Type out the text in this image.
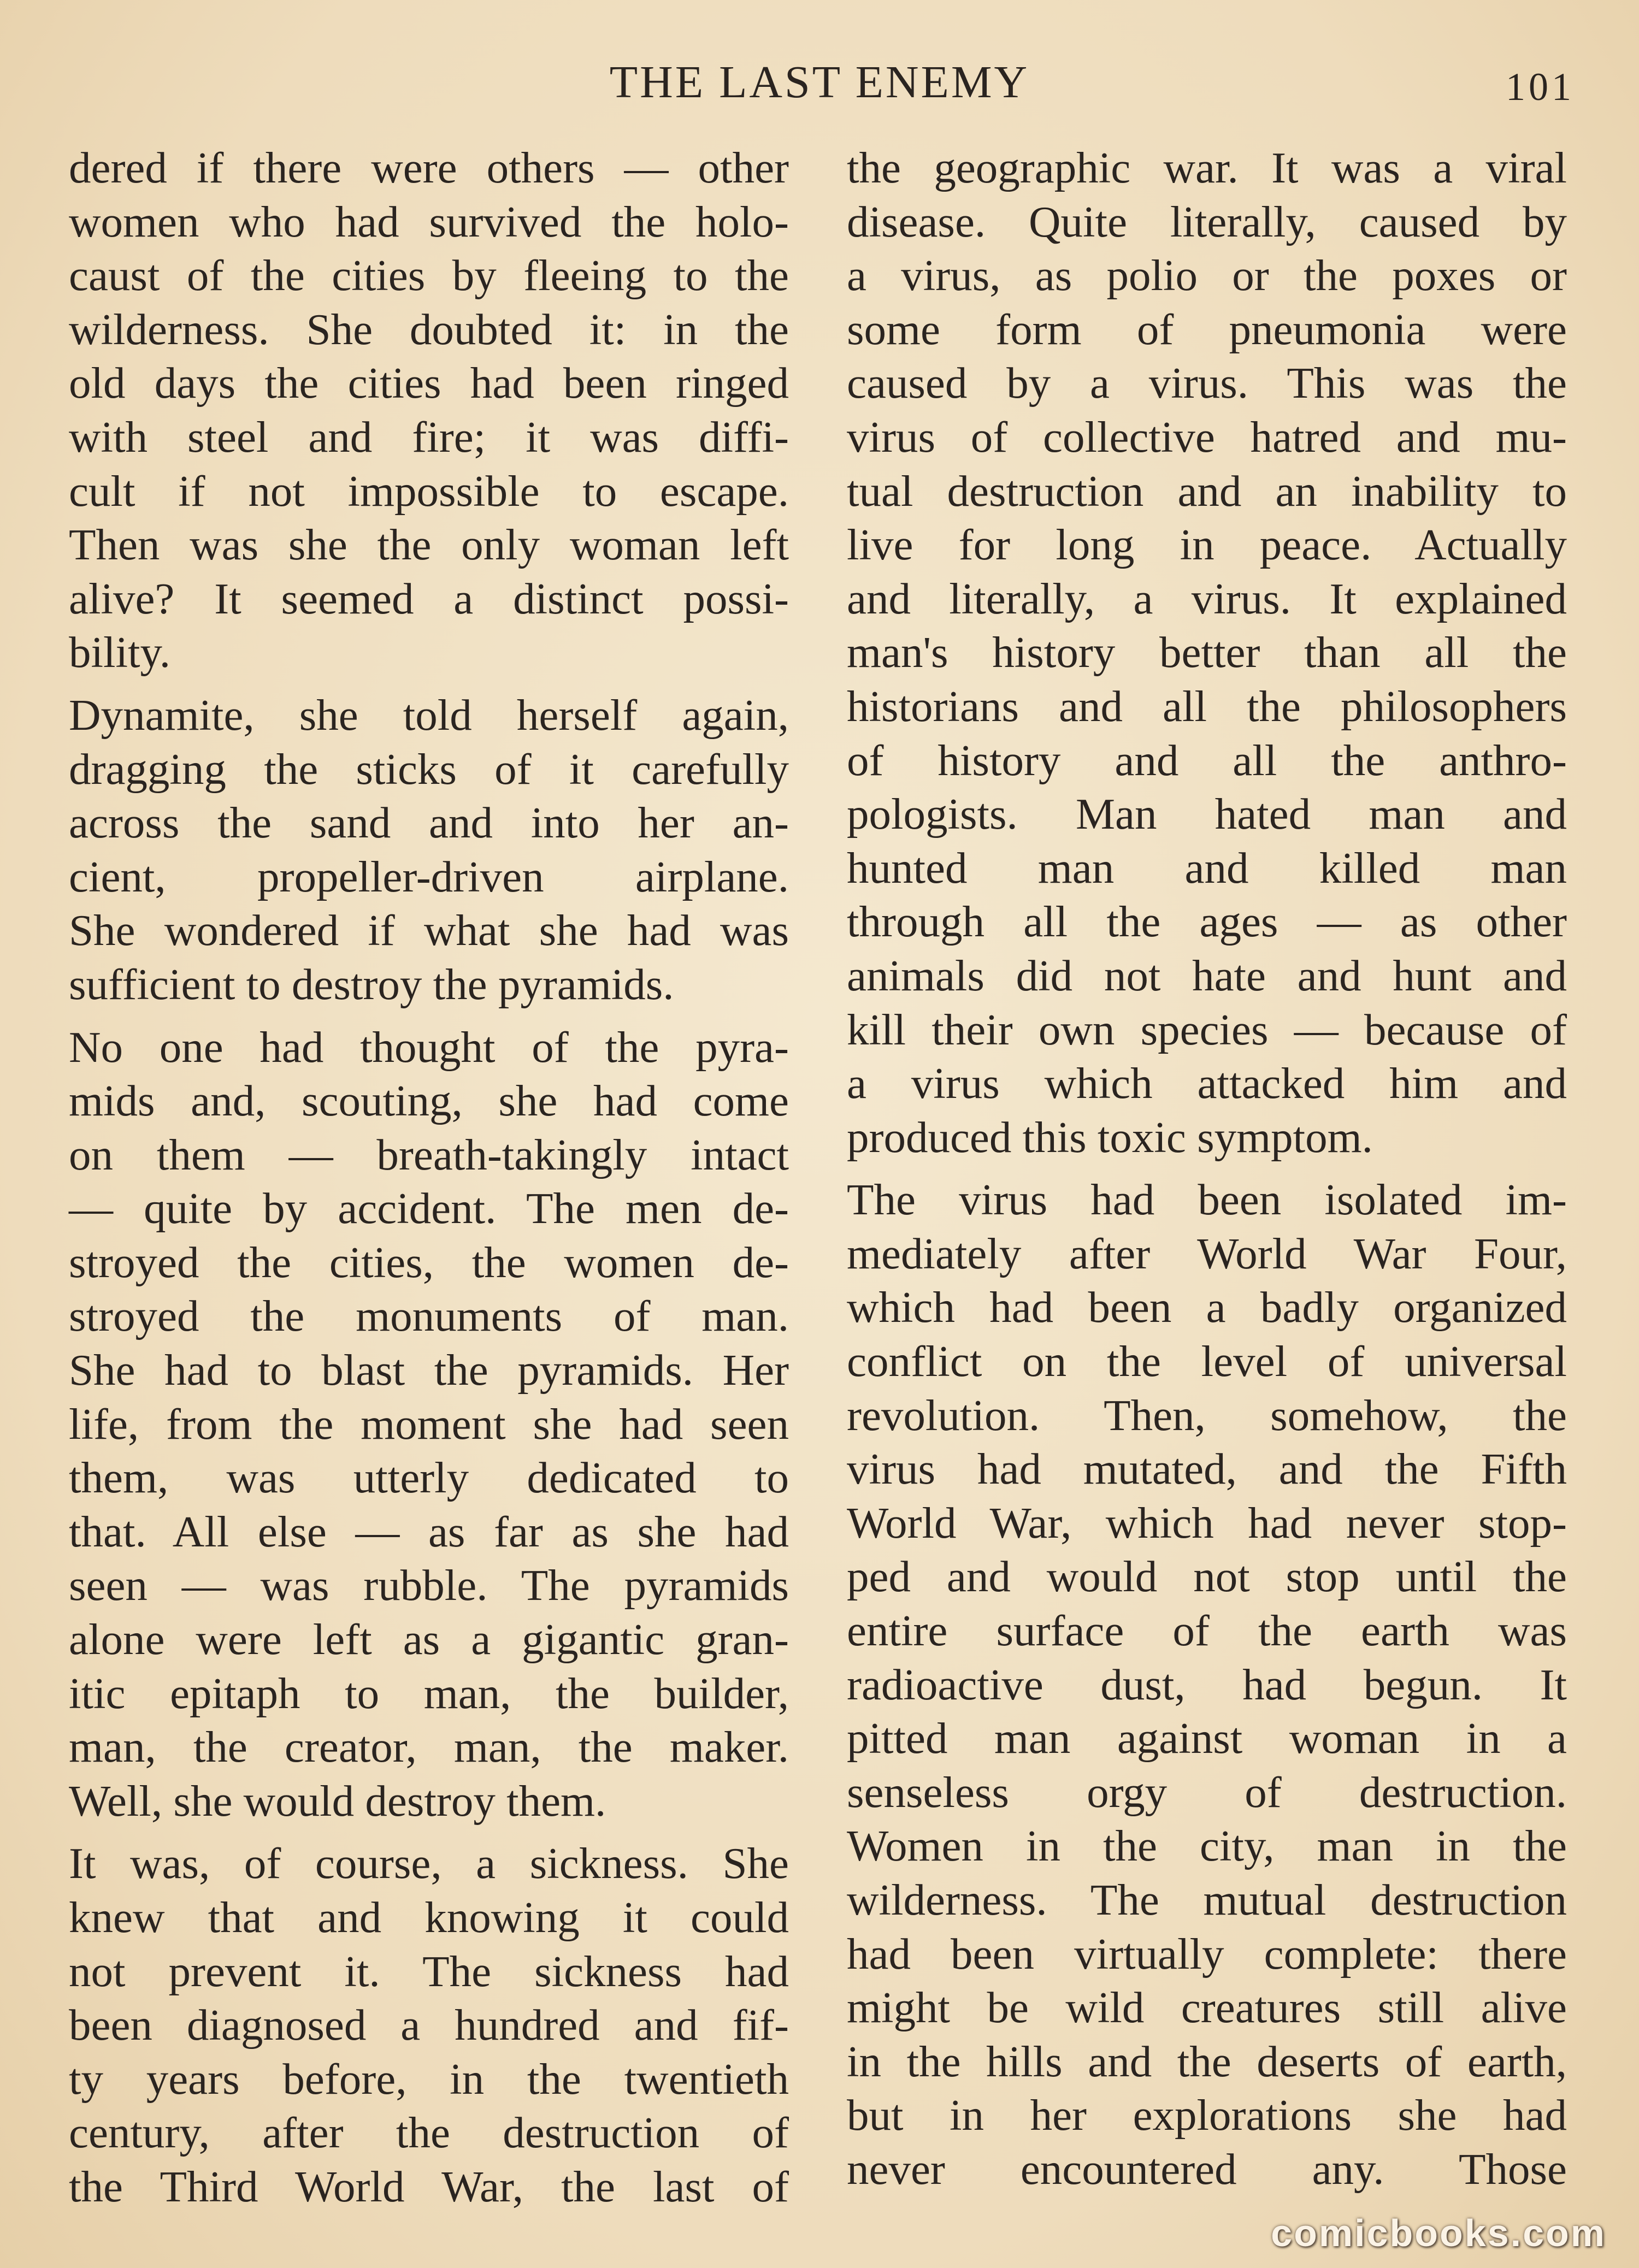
THE LAST ENEMY	101
dered if there were others — other
women who had survived the holo-
caust of the cities by fleeing to the
wilderness. She doubted it: in the
old days the cities had been ringed
with steel and fire; it was diffi-
cult if not impossible to escape.
Then was she the only woman left
alive? It seemed a distinct possi-
bility.
Dynamite, she told herself again,
dragging the sticks of it carefully
across the sand and into her an-
cient, propeller-driven airplane.
She wondered if what she had was
sufficient to destroy the pyramids.
No one had thought of the pyra-
mids and, scouting, she had come
on them — breath-takingly intact
— quite by accident. The men de-
stroyed the cities, the women de-
stroyed the monuments of man.
She had to blast the pyramids. Her
life, from the moment she had seen
them, was utterly dedicated to
that. All else — as far as she had
seen — was rubble. The pyramids
alone were left as a gigantic gran-
itic epitaph to man, the builder,
man, the creator, man, the maker.
Well, she would destroy them.
It was, of course, a sickness. She
knew that and knowing it could
not prevent it. The sickness had
been diagnosed a hundred and fif-
ty years before, in the twentieth
century, after the destruction of
the Third World War, the last of
the geographic war. It was a viral
disease. Quite literally, caused by
a virus, as polio or the poxes or
some form of pneumonia were
caused by a virus. This was the
virus of collective hatred and mu-
tual destruction and an inability to
live for long in peace. Actually
and literally, a virus. It explained
man's history better than all the
historians and all the philosophers
of history and all the anthro-
pologists. Man hated man and
hunted man and killed man
through all the ages — as other
animals did not hate and hunt and
kill their own species — because of
a virus which attacked him and
produced this toxic symptom.
The virus had been isolated im-
mediately after World War Four,
which had been a badly organized
conflict on the level of universal
revolution. Then, somehow, the
virus had mutated, and the Fifth
World War, which had never stop-
ped and would not stop until the
entire surface of the earth was
radioactive dust, had begun. It
pitted man against woman in a
senseless orgy of destruction.
Women in the city, man in the
wilderness. The mutual destruction
had been virtually complete: there
might be wild creatures still alive
in the hills and the deserts of earth,
but in her explorations she had
never encountered any. Those
comicbooks.com
